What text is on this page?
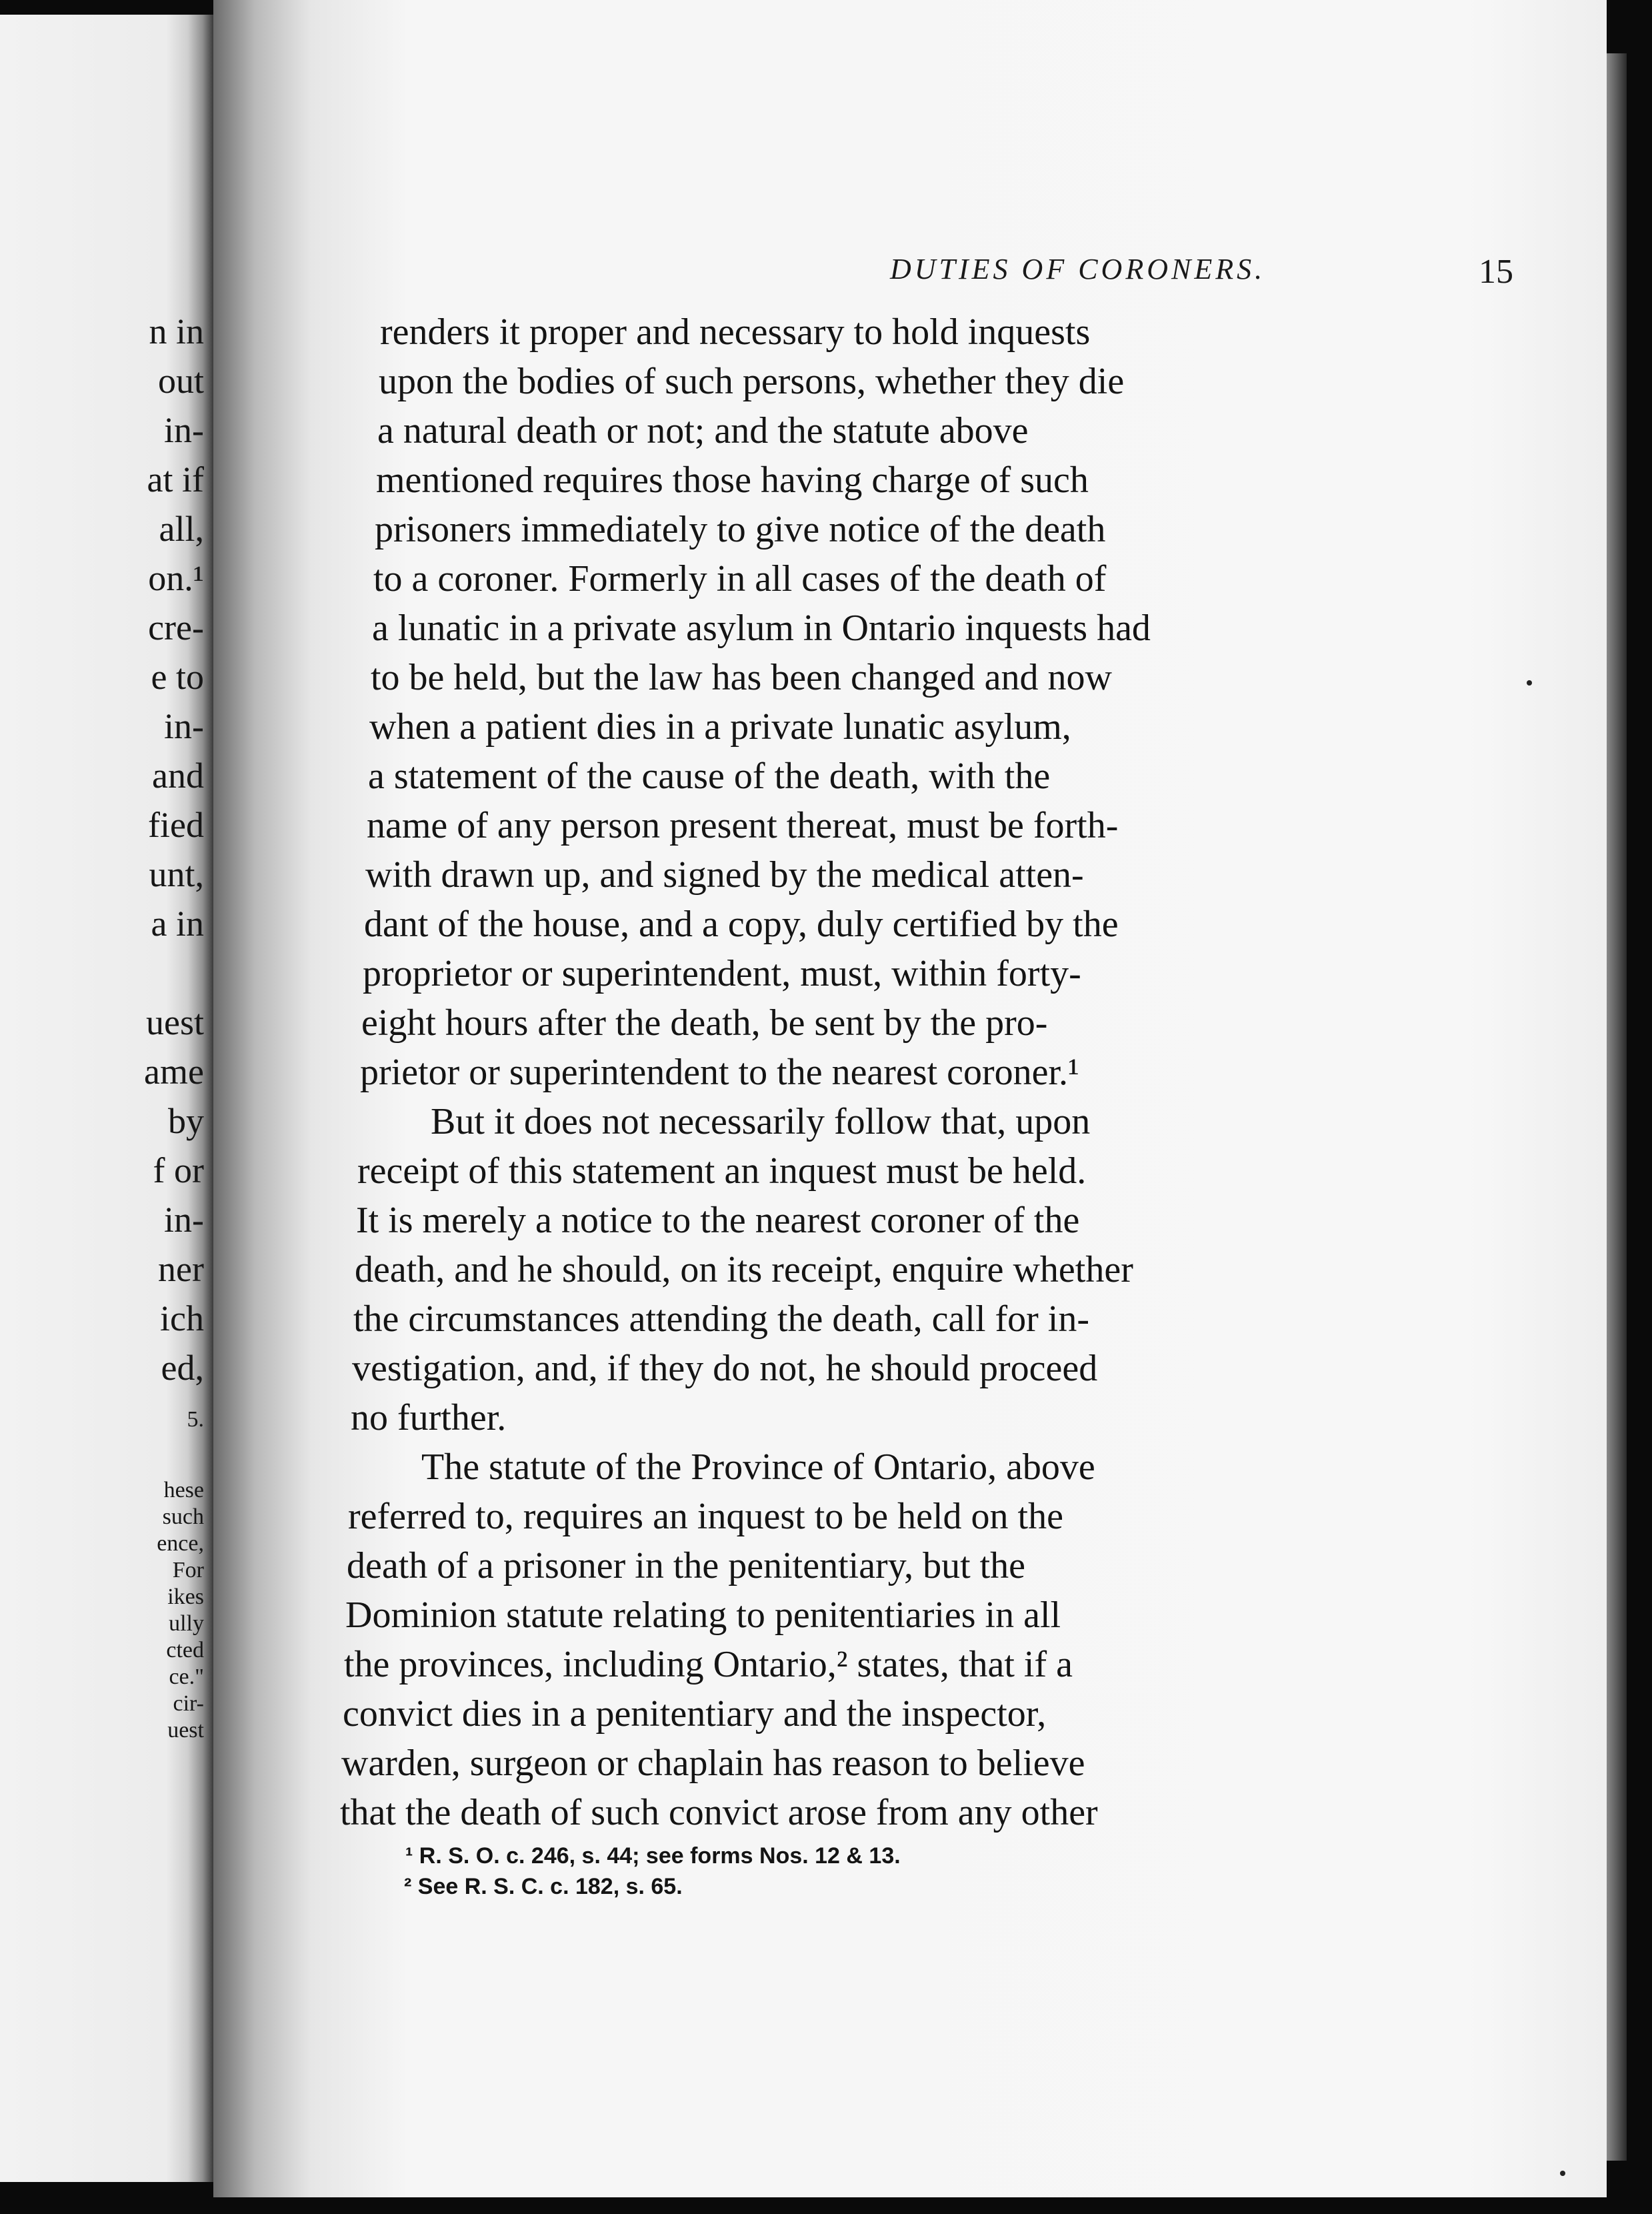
n in

out

in-

at if

all,

on.¹

cre-

e to

in-

and

fied

unt,

a in

uest

ame

by

f or

in-

ner

ich

ed,

5.

hese

such

ence,

For

ikes

ully

cted

ce."

cir-

uest

DUTIES OF CORONERS.	15

renders it proper and necessary to hold inquests

upon the bodies of such persons, whether they die

a natural death or not; and the statute above

mentioned requires those having charge of such

prisoners immediately to give notice of the death

to a coroner. Formerly in all cases of the death of

a lunatic in a private asylum in Ontario inquests had

to be held, but the law has been changed and now

when a patient dies in a private lunatic asylum,

a statement of the cause of the death, with the

name of any person present thereat, must be forth-

with drawn up, and signed by the medical atten-

dant of the house, and a copy, duly certified by the

proprietor or superintendent, must, within forty-

eight hours after the death, be sent by the pro-

prietor or superintendent to the nearest coroner.¹

But it does not necessarily follow that, upon

receipt of this statement an inquest must be held.

It is merely a notice to the nearest coroner of the

death, and he should, on its receipt, enquire whether

the circumstances attending the death, call for in-

vestigation, and, if they do not, he should proceed

no further.

The statute of the Province of Ontario, above

referred to, requires an inquest to be held on the

death of a prisoner in the penitentiary, but the

Dominion statute relating to penitentiaries in all

the provinces, including Ontario,² states, that if a

convict dies in a penitentiary and the inspector,

warden, surgeon or chaplain has reason to believe

that the death of such convict arose from any other

¹ R. S. O. c. 246, s. 44; see forms Nos. 12 & 13.

² See R. S. C. c. 182, s. 65.
